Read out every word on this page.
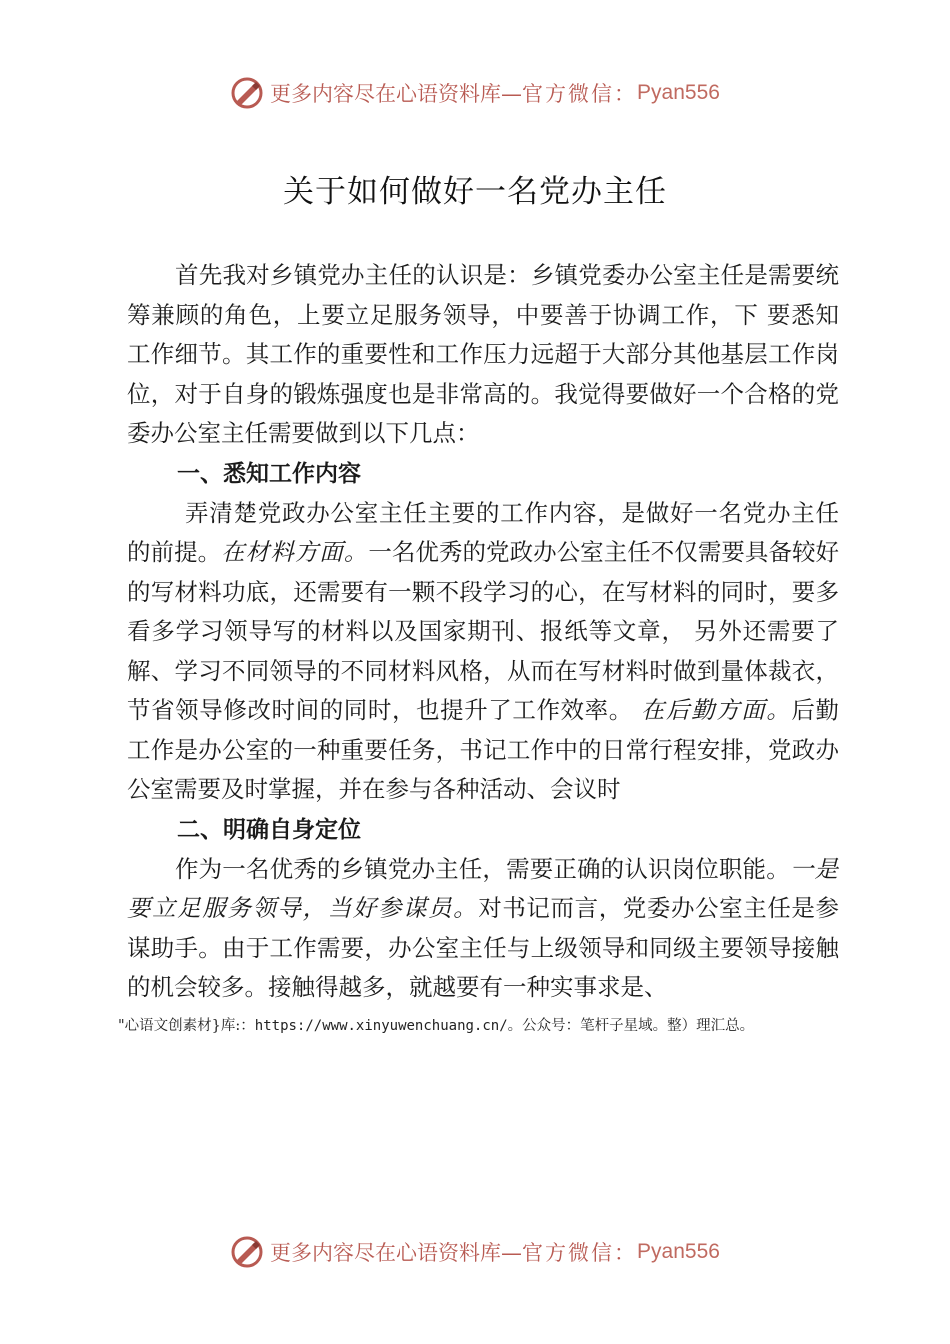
更多内容尽在心语资料库— 官方微信： Pyan556
关于如何做好一名党办主任

首先我对乡镇党办主任的认识是：乡镇党委办公室主任是需要统筹兼顾的角色，上要立足服务领导，中要善于协调工作，下 要悉知工作细节。其工作的重要性和工作压力远超于大部分其他基层工作岗位，对于自身的锻炼强度也是非常高的。我觉得要做好一个合格的党委办公室主任需要做到以下几点：

一、悉知工作内容

弄清楚党政办公室主任主要的工作内容，是做好一名党办主任的前提。在材料方面。一名优秀的党政办公室主任不仅需要具备较好的写材料功底，还需要有一颗不段学习的心，在写材料的同时，要多看多学习领导写的材料以及国家期刊、报纸等文章， 另外还需要了解、学习不同领导的不同材料风格，从而在写材料时做到量体裁衣，节省领导修改时间的同时，也提升了工作效率。 在后勤方面。后勤工作是办公室的一种重要任务，书记工作中的日常行程安排，党政办公室需要及时掌握，并在参与各种活动、会议时

二、明确自身定位

作为一名优秀的乡镇党办主任，需要正确的认识岗位职能。一是要立足服务领导，当好参谋员。对书记而言，党委办公室主任是参谋助手。由于工作需要，办公室主任与上级领导和同级主要领导接触的机会较多。接触得越多，就越要有一种实事求是、

"心语文创素材}库:：https://www.xinyuwenchuang.cn/。公众号：笔杆子星域。整）理汇总。
更多内容尽在心语资料库— 官方微信： Pyan556
